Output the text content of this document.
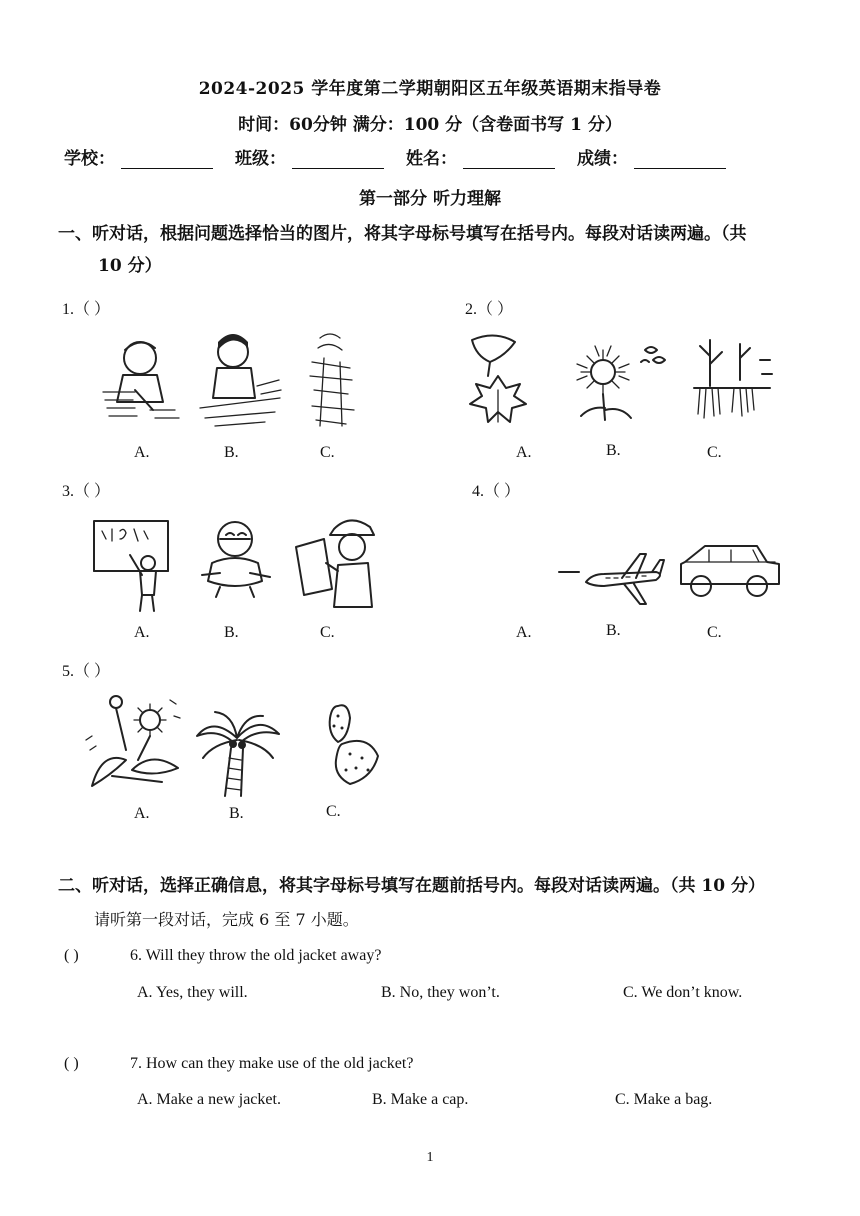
2024-2025 学年度第二学期朝阳区五年级英语期末指导卷
时间：60分钟 满分：100 分（含卷面书写 1 分）
学校：	班级：	姓名：	成绩：
第一部分 听力理解
一、听对话，根据问题选择恰当的图片，将其字母标号填写在括号内。每段对话读两遍。（共
10 分）
1.（ ）	2.（ ）
3.（ ）	4.（ ）
5.（ ）
A.	B.	C.	A.	B.	C.
A.	B.	C.	A.	B.	C.
A.	B.	C.
二、听对话，选择正确信息，将其字母标号填写在题前括号内。每段对话读两遍。（共 10 分）
请听第一段对话，完成 6 至 7 小题。
( )	6. Will they throw the old jacket away?
A. Yes, they will.	B. No, they won’t.	C. We don’t know.
( )	7. How can they make use of the old jacket?
A. Make a new jacket.	B. Make a cap.	C. Make a bag.
1
